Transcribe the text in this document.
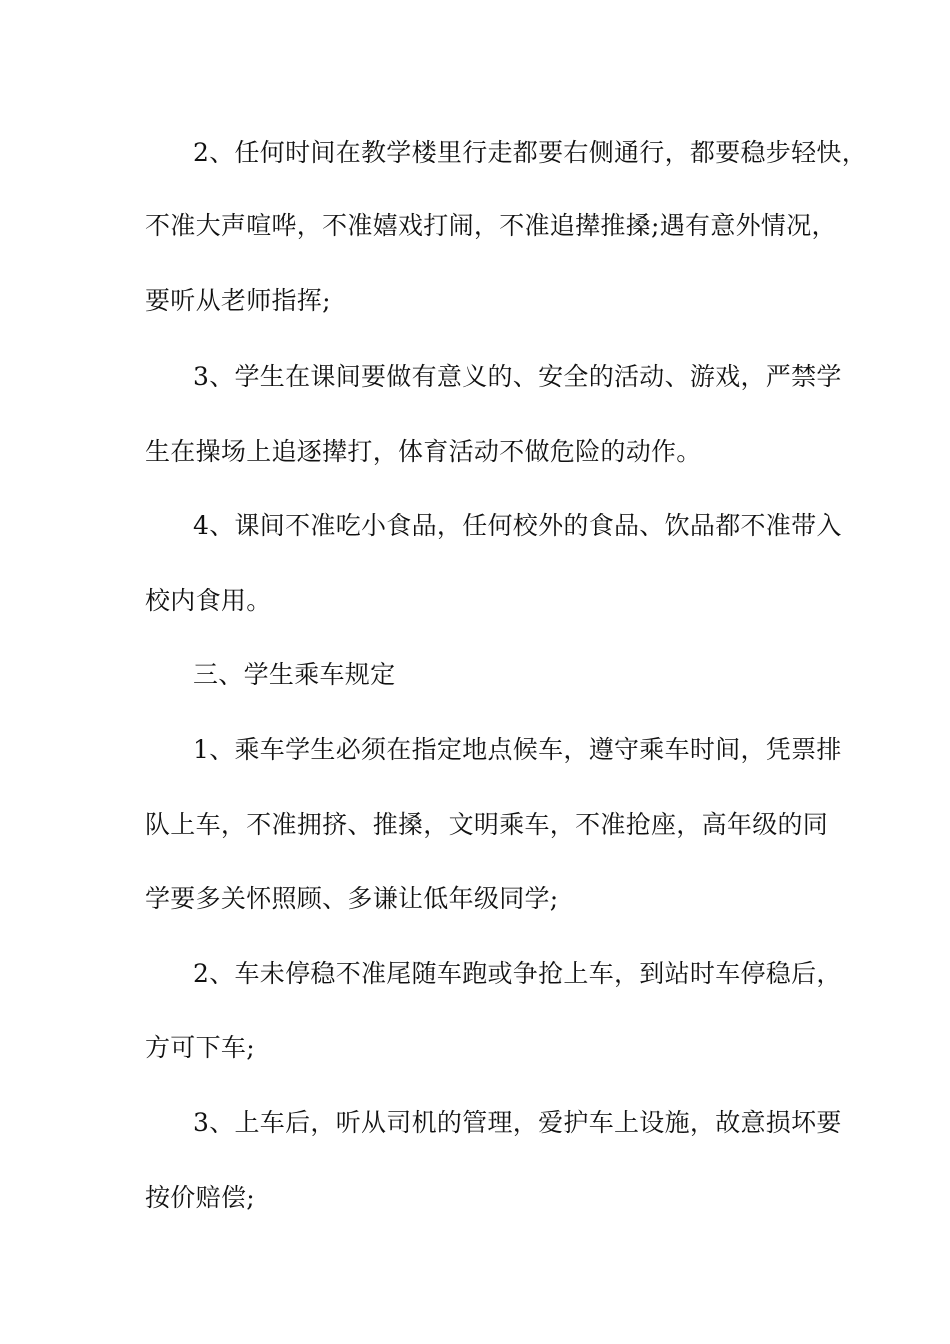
2、任何时间在教学楼里行走都要右侧通行，都要稳步轻快，
不准大声喧哗，不准嬉戏打闹，不准追撵推搡;遇有意外情况，
要听从老师指挥;
3、学生在课间要做有意义的、安全的活动、游戏，严禁学
生在操场上追逐撵打，体育活动不做危险的动作。
4、课间不准吃小食品，任何校外的食品、饮品都不准带入
校内食用。
三、学生乘车规定
1、乘车学生必须在指定地点候车，遵守乘车时间，凭票排
队上车，不准拥挤、推搡，文明乘车，不准抢座，高年级的同
学要多关怀照顾、多谦让低年级同学;
2、车未停稳不准尾随车跑或争抢上车，到站时车停稳后，
方可下车;
3、上车后，听从司机的管理，爱护车上设施，故意损坏要
按价赔偿;
